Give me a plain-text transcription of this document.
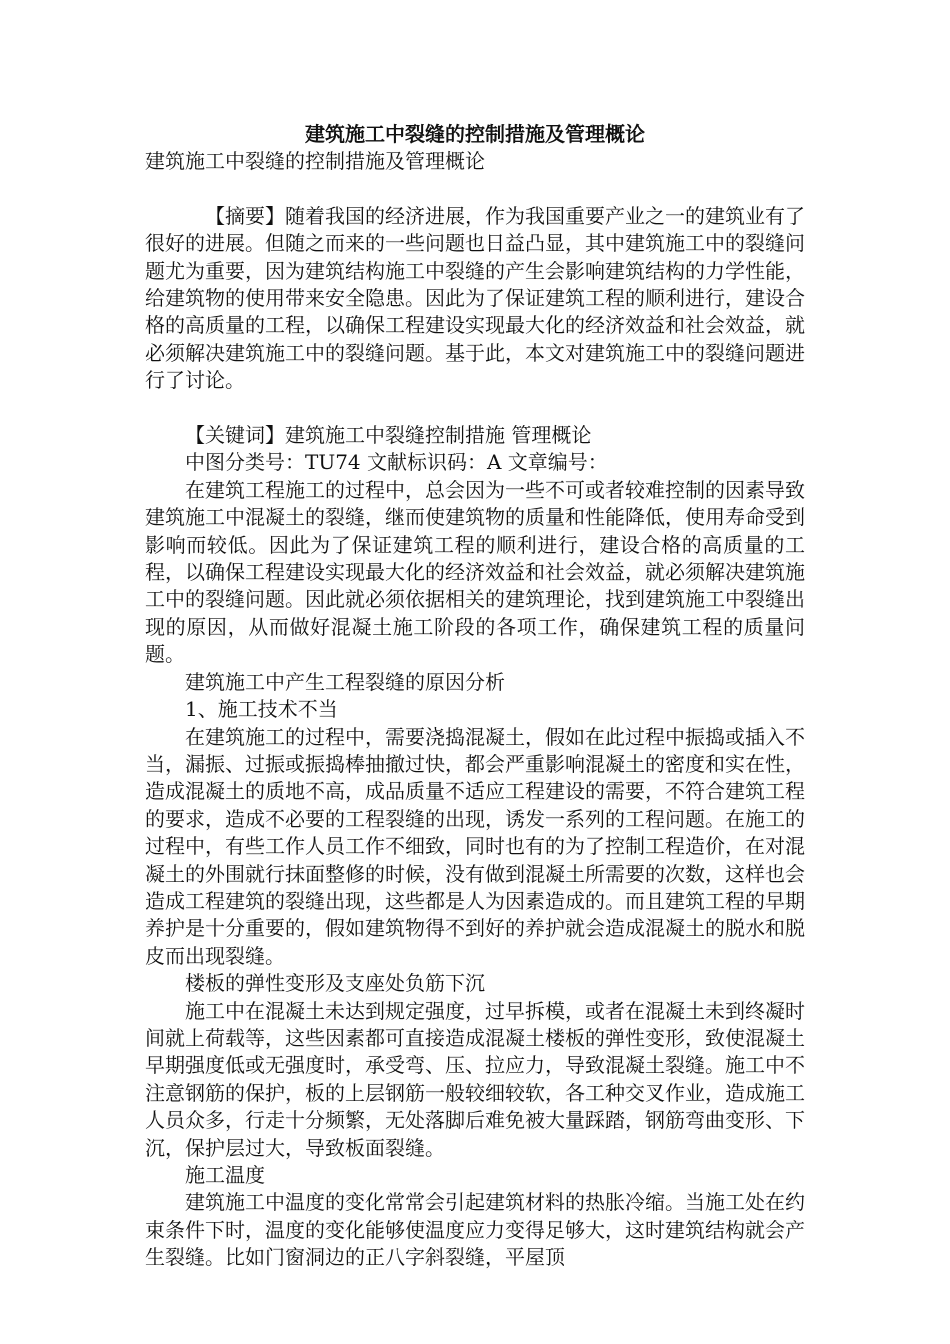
建筑施工中裂缝的控制措施及管理概论

建筑施工中裂缝的控制措施及管理概论

【摘要】随着我国的经济进展，作为我国重要产业之一的建筑业有了很好的进展。但随之而来的一些问题也日益凸显，其中建筑施工中的裂缝问题尤为重要，因为建筑结构施工中裂缝的产生会影响建筑结构的力学性能，给建筑物的使用带来安全隐患。因此为了保证建筑工程的顺利进行，建设合格的高质量的工程，以确保工程建设实现最大化的经济效益和社会效益，就必须解决建筑施工中的裂缝问题。基于此，本文对建筑施工中的裂缝问题进行了讨论。

【关键词】建筑施工中裂缝控制措施 管理概论

中图分类号：TU74 文献标识码：A 文章编号：

在建筑工程施工的过程中，总会因为一些不可或者较难控制的因素导致建筑施工中混凝土的裂缝，继而使建筑物的质量和性能降低，使用寿命受到影响而较低。因此为了保证建筑工程的顺利进行，建设合格的高质量的工程，以确保工程建设实现最大化的经济效益和社会效益，就必须解决建筑施工中的裂缝问题。因此就必须依据相关的建筑理论，找到建筑施工中裂缝出现的原因，从而做好混凝土施工阶段的各项工作，确保建筑工程的质量问题。

建筑施工中产生工程裂缝的原因分析

1、施工技术不当

在建筑施工的过程中，需要浇捣混凝土，假如在此过程中振捣或插入不当，漏振、过振或振捣棒抽撤过快，都会严重影响混凝土的密度和实在性，造成混凝土的质地不高，成品质量不适应工程建设的需要，不符合建筑工程的要求，造成不必要的工程裂缝的出现，诱发一系列的工程问题。在施工的过程中，有些工作人员工作不细致，同时也有的为了控制工程造价，在对混凝土的外围就行抹面整修的时候，没有做到混凝土所需要的次数，这样也会造成工程建筑的裂缝出现，这些都是人为因素造成的。而且建筑工程的早期养护是十分重要的，假如建筑物得不到好的养护就会造成混凝土的脱水和脱皮而出现裂缝。

楼板的弹性变形及支座处负筋下沉

施工中在混凝土未达到规定强度，过早拆模，或者在混凝土未到终凝时间就上荷载等，这些因素都可直接造成混凝土楼板的弹性变形，致使混凝土早期强度低或无强度时，承受弯、压、拉应力，导致混凝土裂缝。施工中不注意钢筋的保护，板的上层钢筋一般较细较软，各工种交叉作业，造成施工人员众多，行走十分频繁，无处落脚后难免被大量踩踏，钢筋弯曲变形、下沉，保护层过大，导致板面裂缝。

施工温度

建筑施工中温度的变化常常会引起建筑材料的热胀冷缩。当施工处在约束条件下时，温度的变化能够使温度应力变得足够大，这时建筑结构就会产生裂缝。比如门窗洞边的正八字斜裂缝，平屋顶
